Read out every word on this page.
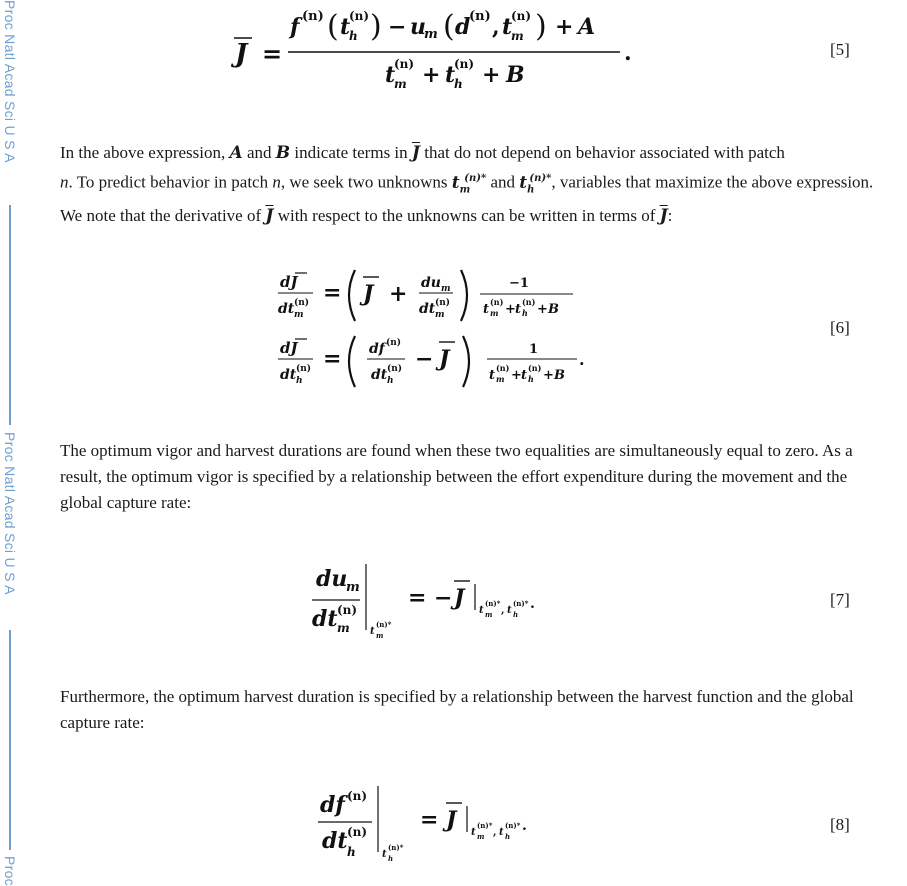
Proc Natl Acad Sci U S A
Proc Natl Acad Sci U S A
Proc
J =
f (n) ( t
(n)
h ) − u
m ( d
(n) , t
(n)
m ) + A
t
(n)
m + t
(n)
h + B
.	[5]
In the above expression, A and B indicate terms in $\overline{J}$ that do not depend on behavior associated with patch
n. To predict behavior in patch n, we seek two unknowns $t_m^{(n)*}$ and $t_h^{(n)*}$, variables that maximize the above expression. We note that the derivative of $\overline{J}$ with respect to the unknowns can be written in terms of $\overline{J}$:
dJ
dt (n)
m
= J + du m
dt (n)
m
−1
t (n)
m + t (n)
h + B
dJ
dt (n)
h
= df (n)
dt (n)
h
− J	1
t (n)
m + t (n)
h + B
.
[6]
The optimum vigor and harvest durations are found when these two equalities are simultaneously equal to zero. As a result, the optimum vigor is specified by a relationship between the effort expenditure during the movement and the global capture rate:
du
m
dt (n)
m t
(n)*
m
= − J t
(n)*
m , t
(n)*
h
.	[7]
Furthermore, the optimum harvest duration is specified by a relationship between the harvest function and the global capture rate:
df (n)
dt (n)
h	t
(n)*
h
= J t
(n)*
m , t
(n)*
h
.	[8]
